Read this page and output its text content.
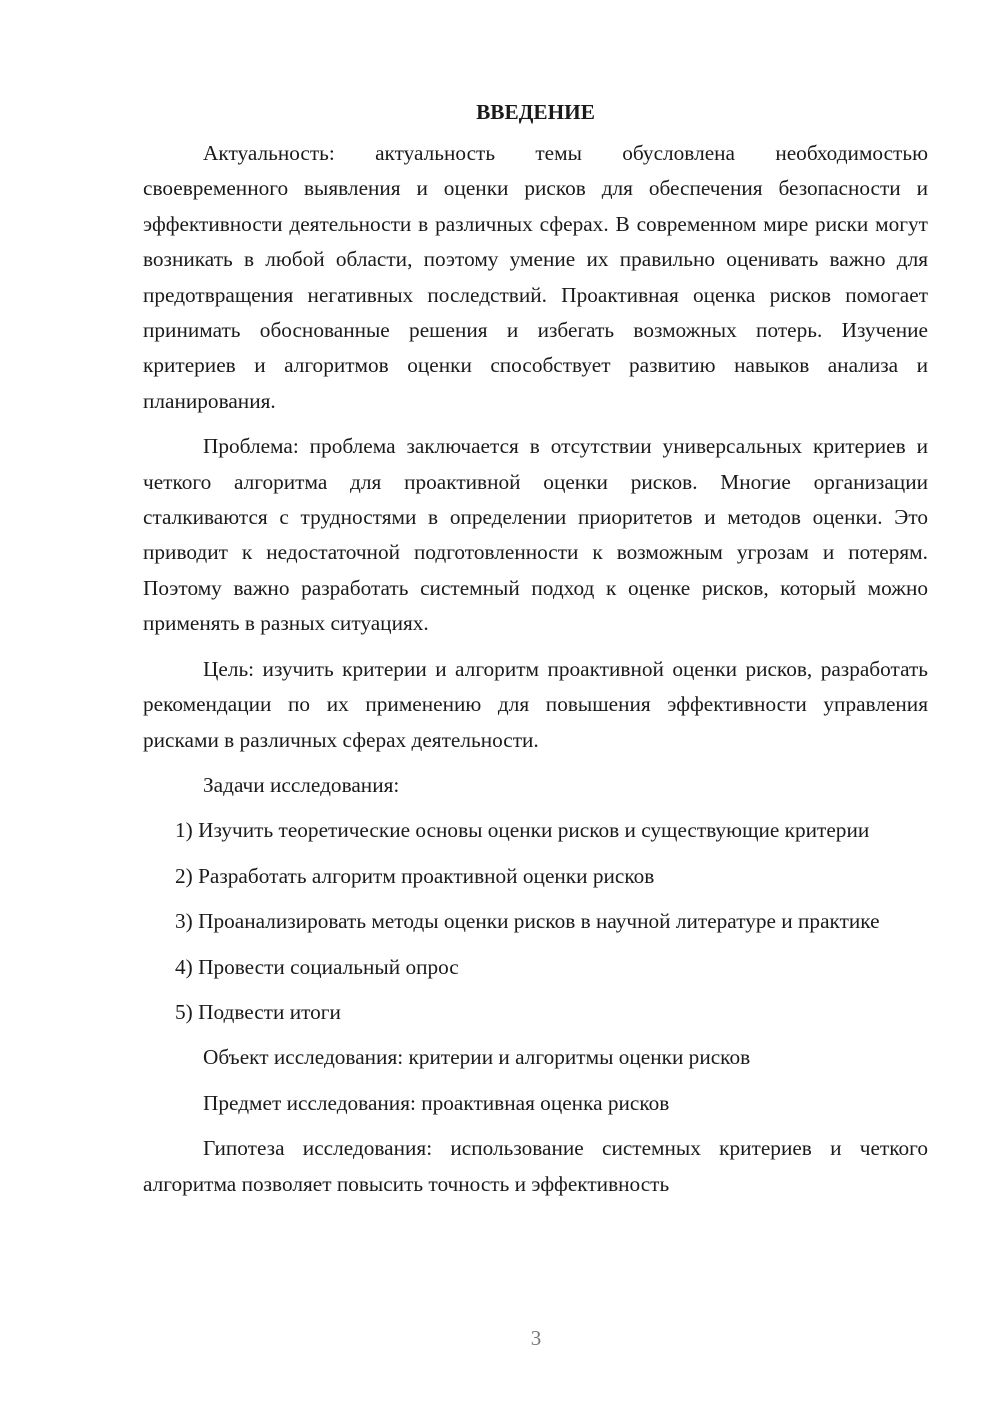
ВВЕДЕНИЕ

Актуальность: актуальность темы обусловлена необходимостью своевременного выявления и оценки рисков для обеспечения безопасности и эффективности деятельности в различных сферах. В современном мире риски могут возникать в любой области, поэтому умение их правильно оценивать важно для предотвращения негативных последствий. Проактивная оценка рисков помогает принимать обоснованные решения и избегать возможных потерь. Изучение критериев и алгоритмов оценки способствует развитию навыков анализа и планирования.

Проблема: проблема заключается в отсутствии универсальных критериев и четкого алгоритма для проактивной оценки рисков. Многие организации сталкиваются с трудностями в определении приоритетов и методов оценки. Это приводит к недостаточной подготовленности к возможным угрозам и потерям. Поэтому важно разработать системный подход к оценке рисков, который можно применять в разных ситуациях.

Цель: изучить критерии и алгоритм проактивной оценки рисков, разработать рекомендации по их применению для повышения эффективности управления рисками в различных сферах деятельности.

Задачи исследования:

1) Изучить теоретические основы оценки рисков и существующие критерии

2) Разработать алгоритм проактивной оценки рисков

3) Проанализировать методы оценки рисков в научной литературе и практике

4) Провести социальный опрос

5) Подвести итоги

Объект исследования: критерии и алгоритмы оценки рисков

Предмет исследования: проактивная оценка рисков

Гипотеза исследования: использование системных критериев и четкого алгоритма позволяет повысить точность и эффективность

3
